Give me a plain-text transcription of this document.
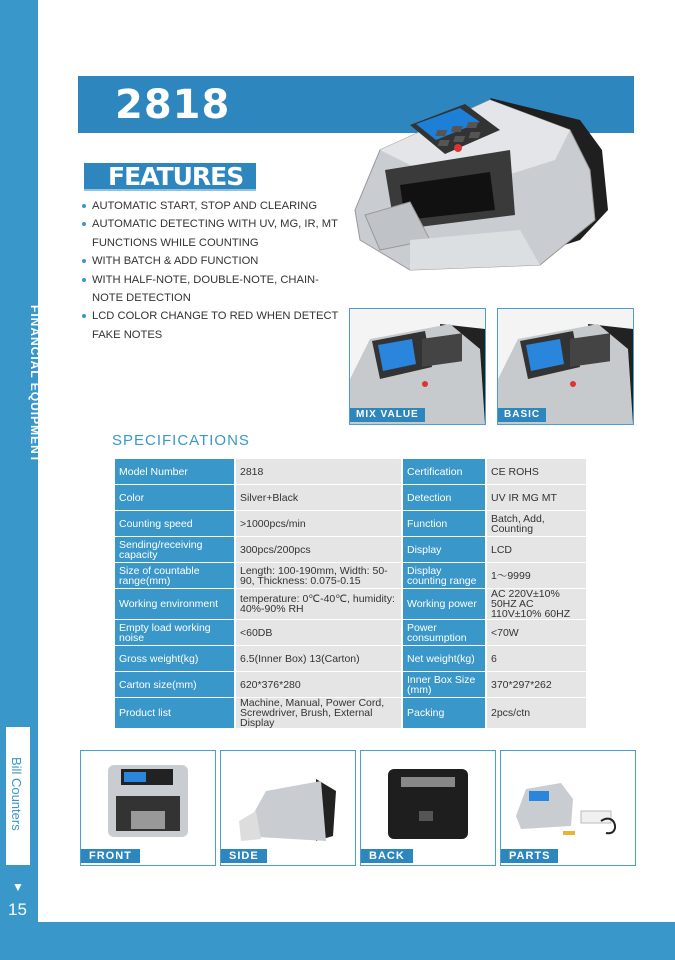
FINANCIAL EQUIPMENT
Bill Counters
▼
15
2818
FEATURES
AUTOMATIC START, STOP AND CLEARING
AUTOMATIC DETECTING WITH UV, MG, IR, MT FUNCTIONS WHILE COUNTING
WITH BATCH & ADD FUNCTION
WITH HALF-NOTE, DOUBLE-NOTE, CHAIN-NOTE DETECTION
LCD COLOR CHANGE TO RED WHEN DETECT FAKE NOTES
MIX VALUE	BASIC
SPECIFICATIONS
Model Number	2818	Certification	CE ROHS
Color	Silver+Black	Detection	UV IR MG MT
Counting speed	>1000pcs/min	Function	Batch, Add, Counting
Sending/receiving capacity	300pcs/200pcs	Display	LCD
Size of countable range(mm)	Length: 100-190mm, Width: 50-90, Thickness: 0.075-0.15	Display counting range	1～9999
Working environment	temperature: 0℃-40℃, humidity: 40%-90% RH	Working power	AC 220V±10% 50HZ AC 110V±10% 60HZ
Empty load working noise	<60DB	Power consumption	<70W
Gross weight(kg)	6.5(Inner Box) 13(Carton)	Net weight(kg)	6
Carton size(mm)	620*376*280	Inner Box Size (mm)	370*297*262
Product list	Machine, Manual, Power Cord, Screwdriver, Brush, External Display	Packing	2pcs/ctn
FRONT	SIDE	BACK	PARTS
